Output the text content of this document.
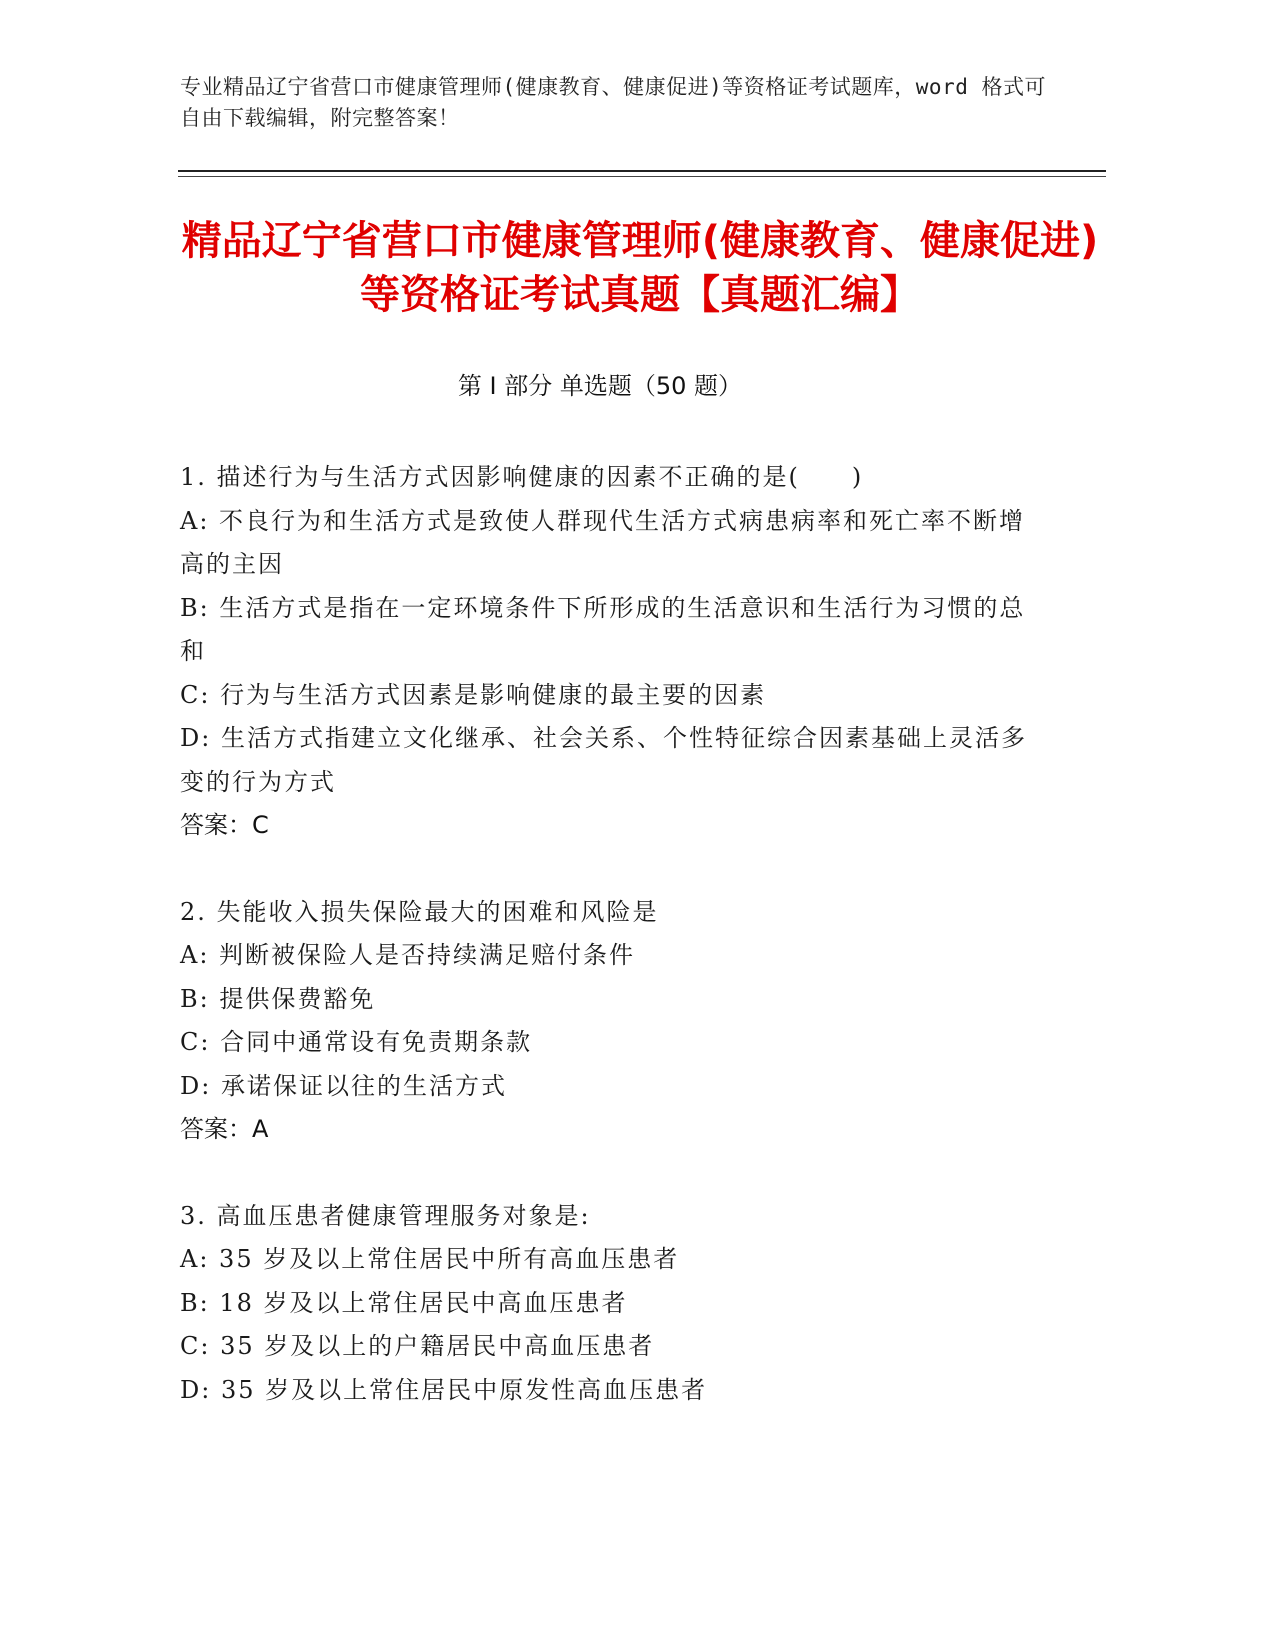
专业精品辽宁省营口市健康管理师(健康教育、健康促进)等资格证考试题库，word 格式可自由下载编辑，附完整答案！
精品辽宁省营口市健康管理师(健康教育、健康促进)等资格证考试真题【真题汇编】
第 I 部分 单选题（50 题）
1. 描述行为与生活方式因影响健康的因素不正确的是(　　)
A: 不良行为和生活方式是致使人群现代生活方式病患病率和死亡率不断增高的主因
B: 生活方式是指在一定环境条件下所形成的生活意识和生活行为习惯的总和
C: 行为与生活方式因素是影响健康的最主要的因素
D: 生活方式指建立文化继承、社会关系、个性特征综合因素基础上灵活多变的行为方式
答案：C
2. 失能收入损失保险最大的困难和风险是
A: 判断被保险人是否持续满足赔付条件
B: 提供保费豁免
C: 合同中通常设有免责期条款
D: 承诺保证以往的生活方式
答案：A
3. 高血压患者健康管理服务对象是:
A: 35 岁及以上常住居民中所有高血压患者
B: 18 岁及以上常住居民中高血压患者
C: 35 岁及以上的户籍居民中高血压患者
D: 35 岁及以上常住居民中原发性高血压患者
